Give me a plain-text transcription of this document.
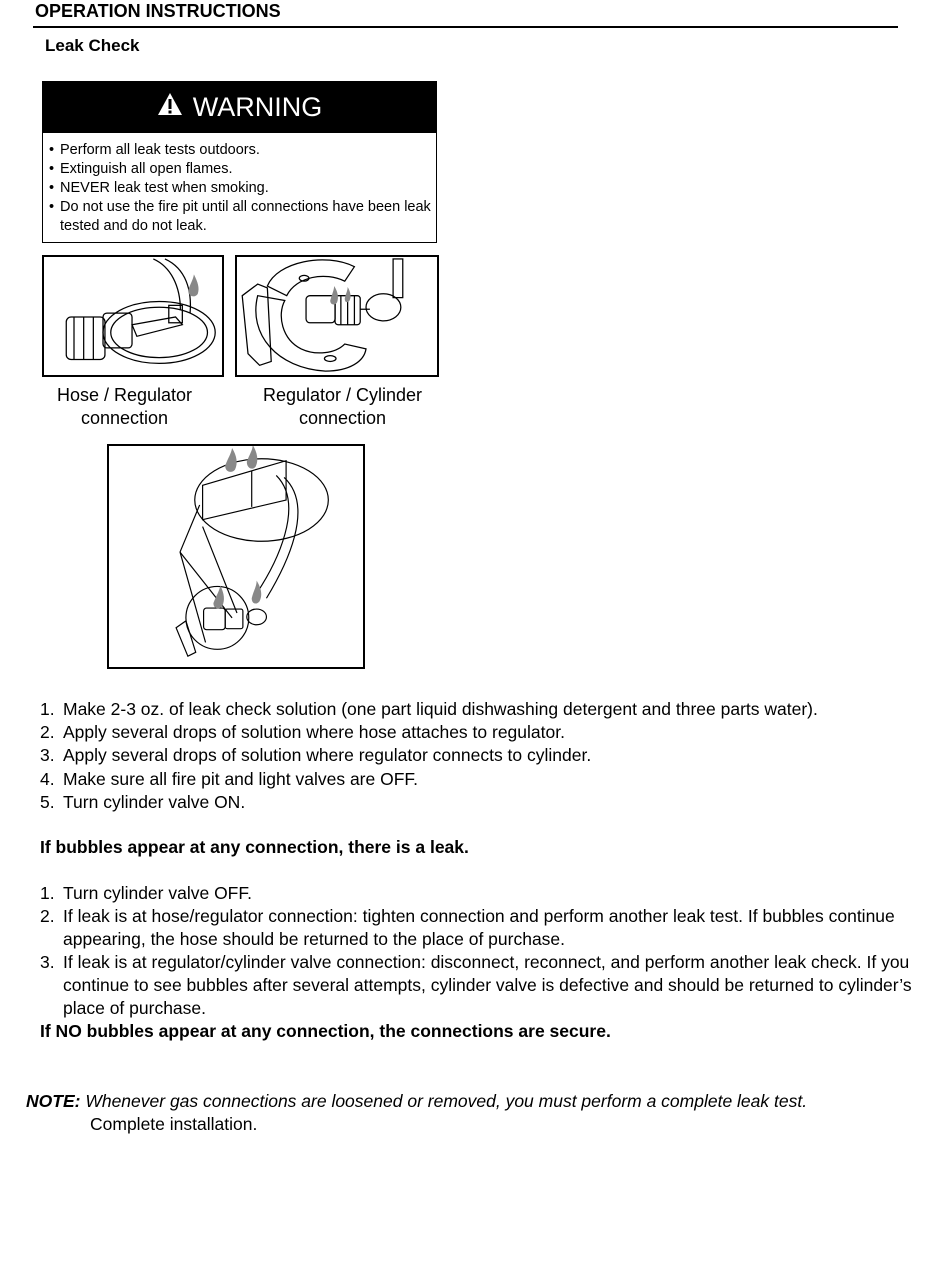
OPERATION INSTRUCTIONS
Leak Check
WARNING
• Perform all leak tests outdoors.
• Extinguish all open flames.
• NEVER leak test when smoking.
• Do not use the fire pit until all connections have been leak tested and do not leak.
Hose / Regulator
connection
Regulator / Cylinder
connection
1. Make 2-3 oz. of leak check solution (one part liquid dishwashing detergent and three parts water).
2. Apply several drops of solution where hose attaches to regulator.
3. Apply several drops of solution where regulator connects to cylinder.
4. Make sure all fire pit and light valves are OFF.
5. Turn cylinder valve ON.
If bubbles appear at any connection, there is a leak.
1. Turn cylinder valve OFF.
2. If leak is at hose/regulator connection: tighten connection and perform another leak test. If bubbles continue appearing, the hose should be returned to the place of purchase.
3. If leak is at regulator/cylinder valve connection: disconnect, reconnect, and perform another leak check. If you continue to see bubbles after several attempts, cylinder valve is defective and should be returned to cylinder’s place of purchase.
If NO bubbles appear at any connection, the connections are secure.
NOTE: Whenever gas connections are loosened or removed, you must perform a complete leak test.
Complete installation.
